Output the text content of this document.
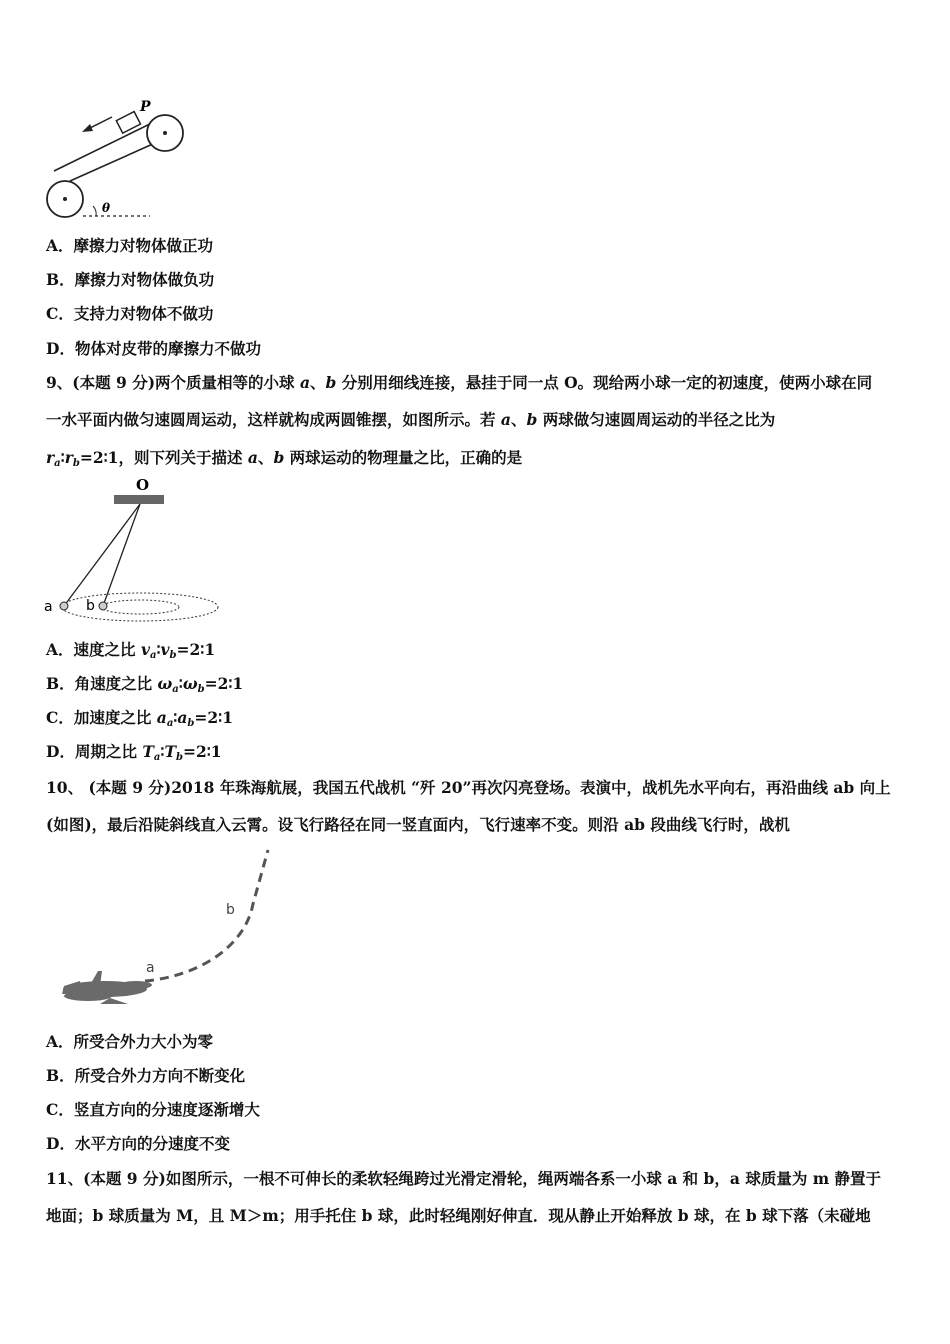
P
θ
A．摩擦力对物体做正功
B．摩擦力对物体做负功
C．支持力对物体不做功
D．物体对皮带的摩擦力不做功
9、(本题 9 分)两个质量相等的小球 a、b 分别用细线连接，悬挂于同一点 O。现给两小球一定的初速度，使两小球在同
一水平面内做匀速圆周运动，这样就构成两圆锥摆，如图所示。若 a、b 两球做匀速圆周运动的半径之比为
$r_a∶r_b=2∶1$，则下列关于描述 a、b 两球运动的物理量之比，正确的是
O
a b
A．速度之比 $v_a∶v_b=2∶1$
B．角速度之比 $\omega_a∶\omega_b=2∶1$
C．加速度之比 $a_a∶a_b=2∶1$
D．周期之比 $T_a∶T_b=2∶1$
10、 (本题 9 分)2018 年珠海航展，我国五代战机 “歼 20”再次闪亮登场。表演中，战机先水平向右，再沿曲线 ab 向上
(如图)，最后沿陡斜线直入云霄。设飞行路径在同一竖直面内，飞行速率不变。则沿 ab 段曲线飞行时，战机
a
b
A．所受合外力大小为零
B．所受合外力方向不断变化
C．竖直方向的分速度逐渐增大
D．水平方向的分速度不变
11、(本题 9 分)如图所示，一根不可伸长的柔软轻绳跨过光滑定滑轮，绳两端各系一小球 a 和 b，a 球质量为 m 静置于
地面；b 球质量为 M，且 M＞m；用手托住 b 球，此时轻绳刚好伸直．现从静止开始释放 b 球，在 b 球下落（未碰地
